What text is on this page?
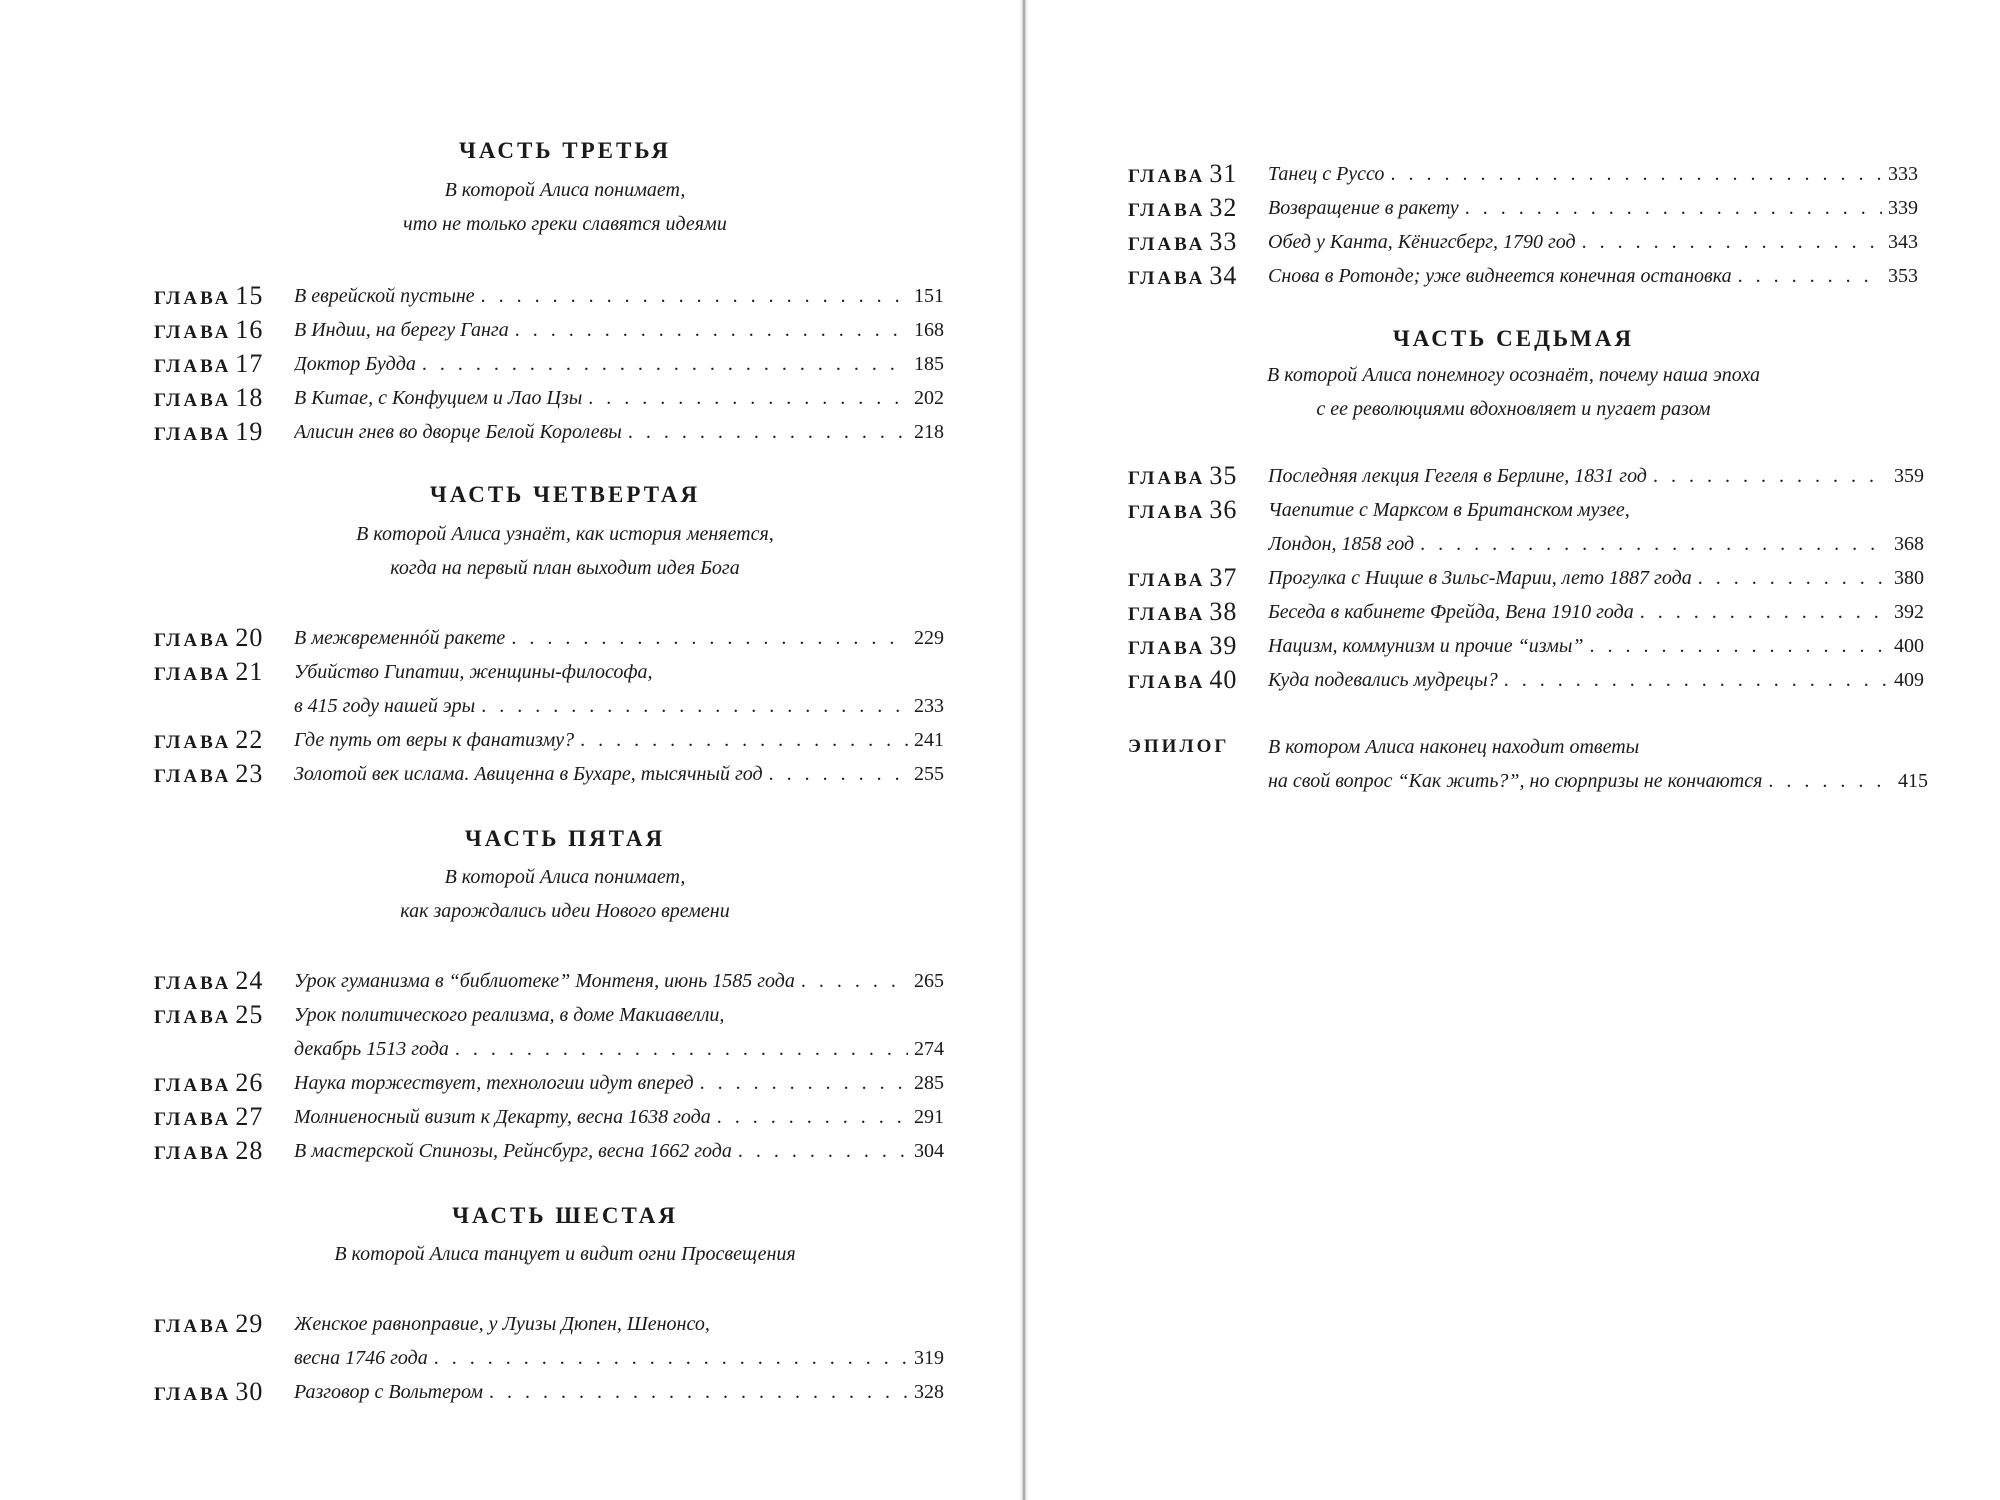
ЧАСТЬ ТРЕТЬЯ
В которой Алиса понимает,
что не только греки славятся идеями
ГЛАВА 15 В еврейской пустыне . . .	151
ГЛАВА 16 В Индии, на берегу Ганга . . .	168
ГЛАВА 17 Доктор Будда . . .	185
ГЛАВА 18 В Китае, с Конфуцием и Лао Цзы . . .	202
ГЛАВА 19 Алисин гнев во дворце Белой Королевы . . .	218
ЧАСТЬ ЧЕТВЕРТАЯ
В которой Алиса узнаёт, как история меняется,
когда на первый план выходит идея Бога
ГЛАВА 20 В межвременнóй ракете . . .	229
ГЛАВА 21 Убийство Гипатии, женщины-философа,
в 415 году нашей эры . . .	233
ГЛАВА 22 Где путь от веры к фанатизму? . . .	241
ГЛАВА 23 Золотой век ислама. Авиценна в Бухаре, тысячный год . . .	255
ЧАСТЬ ПЯТАЯ
В которой Алиса понимает,
как зарождались идеи Нового времени
ГЛАВА 24 Урок гуманизма в “библиотеке” Монтеня, июнь 1585 года . . .	265
ГЛАВА 25 Урок политического реализма, в доме Макиавелли,
декабрь 1513 года . . .	274
ГЛАВА 26 Наука торжествует, технологии идут вперед . . .	285
ГЛАВА 27 Молниеносный визит к Декарту, весна 1638 года . . .	291
ГЛАВА 28 В мастерской Спинозы, Рейнсбург, весна 1662 года . . .	304
ЧАСТЬ ШЕСТАЯ
В которой Алиса танцует и видит огни Просвещения
ГЛАВА 29 Женское равноправие, у Луизы Дюпен, Шенонсо,
весна 1746 года . . .	319
ГЛАВА 30 Разговор с Вольтером . . .	328
ГЛАВА 31 Танец с Руссо . . .	333
ГЛАВА 32 Возвращение в ракету . . .	339
ГЛАВА 33 Обед у Канта, Кёнигсберг, 1790 год . . .	343
ГЛАВА 34 Снова в Ротонде; уже виднеется конечная остановка . . .	353
ЧАСТЬ СЕДЬМАЯ
В которой Алиса понемногу осознаёт, почему наша эпоха
с ее революциями вдохновляет и пугает разом
ГЛАВА 35 Последняя лекция Гегеля в Берлине, 1831 год . . .	359
ГЛАВА 36 Чаепитие с Марксом в Британском музее,
Лондон, 1858 год . . .	368
ГЛАВА 37 Прогулка с Ницше в Зильс-Марии, лето 1887 года . . .	380
ГЛАВА 38 Беседа в кабинете Фрейда, Вена 1910 года . . .	392
ГЛАВА 39 Нацизм, коммунизм и прочие “измы” . . .	400
ГЛАВА 40 Куда подевались мудрецы? . . .	409
ЭПИЛОГ В котором Алиса наконец находит ответы
на свой вопрос “Как жить?”, но сюрпризы не кончаются . . .	415
